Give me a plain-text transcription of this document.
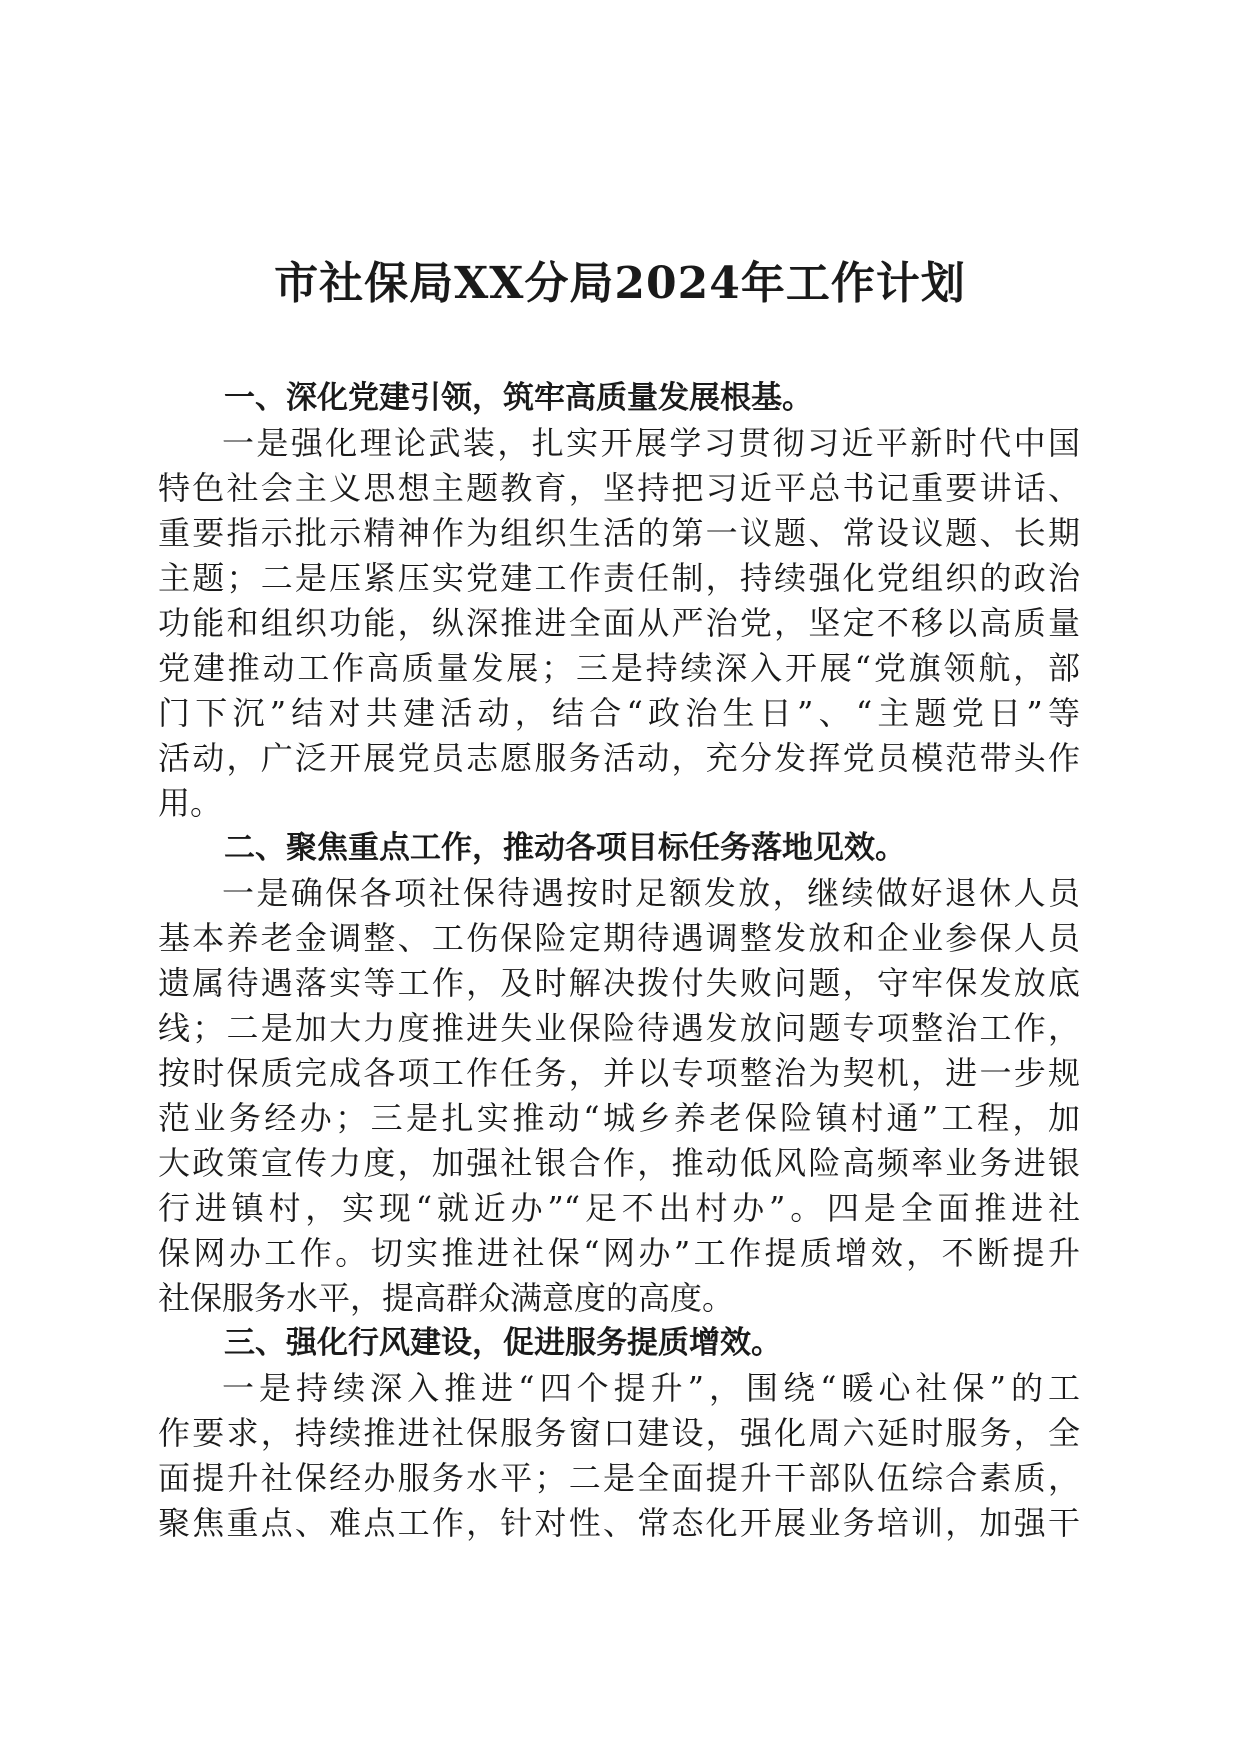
市社保局XX分局2024年工作计划
一、深化党建引领，筑牢高质量发展根基。
一是强化理论武装，扎实开展学习贯彻习近平新时代中国
特色社会主义思想主题教育，坚持把习近平总书记重要讲话、
重要指示批示精神作为组织生活的第一议题、常设议题、长期
主题；二是压紧压实党建工作责任制，持续强化党组织的政治
功能和组织功能，纵深推进全面从严治党，坚定不移以高质量
党建推动工作高质量发展；三是持续深入开展“党旗领航，部
门下沉”结对共建活动，结合“政治生日”、“主题党日”等
活动，广泛开展党员志愿服务活动，充分发挥党员模范带头作
用。
二、聚焦重点工作，推动各项目标任务落地见效。
一是确保各项社保待遇按时足额发放，继续做好退休人员
基本养老金调整、工伤保险定期待遇调整发放和企业参保人员
遗属待遇落实等工作，及时解决拨付失败问题，守牢保发放底
线；二是加大力度推进失业保险待遇发放问题专项整治工作，
按时保质完成各项工作任务，并以专项整治为契机，进一步规
范业务经办；三是扎实推动“城乡养老保险镇村通”工程，加
大政策宣传力度，加强社银合作，推动低风险高频率业务进银
行进镇村，实现“就近办”“足不出村办”。四是全面推进社
保网办工作。切实推进社保“网办”工作提质增效，不断提升
社保服务水平，提高群众满意度的高度。
三、强化行风建设，促进服务提质增效。
一是持续深入推进“四个提升”，围绕“暖心社保”的工
作要求，持续推进社保服务窗口建设，强化周六延时服务，全
面提升社保经办服务水平；二是全面提升干部队伍综合素质，
聚焦重点、难点工作，针对性、常态化开展业务培训，加强干
